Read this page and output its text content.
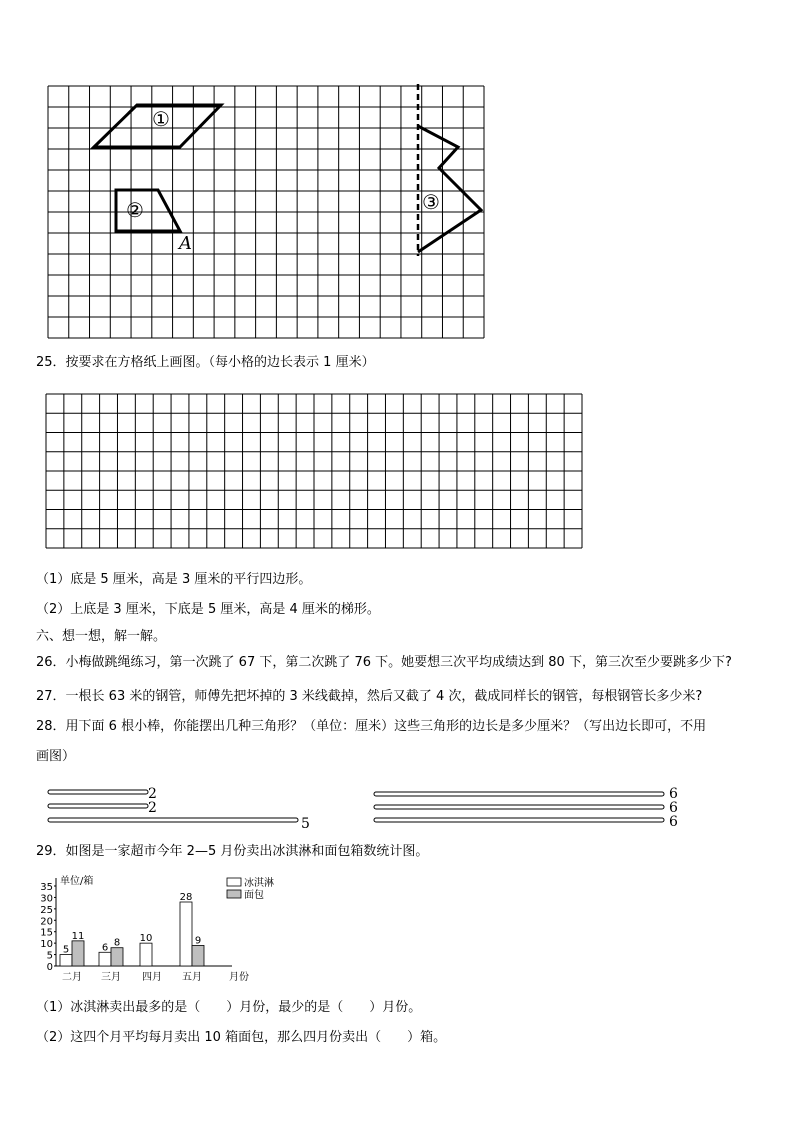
①
②
A
③
25．按要求在方格纸上画图。（每小格的边长表示 1 厘米）
（1）底是 5 厘米，高是 3 厘米的平行四边形。
（2）上底是 3 厘米，下底是 5 厘米，高是 4 厘米的梯形。
六、想一想，解一解。
26．小梅做跳绳练习，第一次跳了 67 下，第二次跳了 76 下。她要想三次平均成绩达到 80 下，第三次至少要跳多少下?
27．一根长 63 米的钢管，师傅先把坏掉的 3 米线截掉，然后又截了 4 次，截成同样长的钢管，每根钢管长多少米?
28．用下面 6 根小棒，你能摆出几种三角形？（单位：厘米）这些三角形的边长是多少厘米？（写出边长即可，不用
画图）
2
2
5
6
6
6
29．如图是一家超市今年 2—5 月份卖出冰淇淋和面包箱数统计图。
0
5
10
15
20
25
30
35
单位/箱	冰淇淋
面包
5
11
二月
6 8
三月
10
四月
28
9
五月	月份
（1）冰淇淋卖出最多的是（　　）月份，最少的是（　　）月份。
（2）这四个月平均每月卖出 10 箱面包，那么四月份卖出（　　）箱。
